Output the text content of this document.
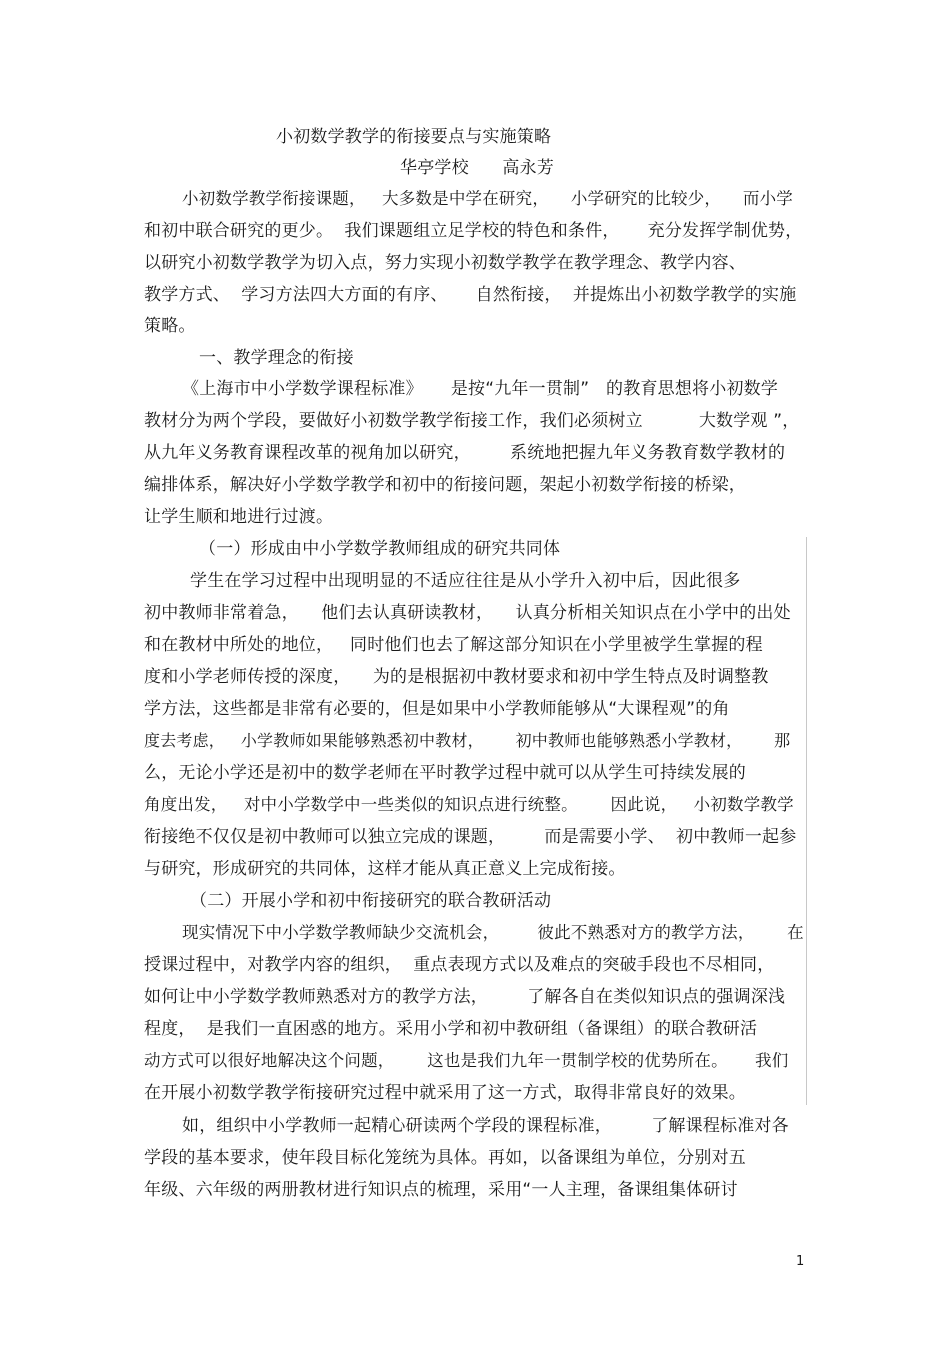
小初数学教学的衔接要点与实施策略
华亭学校      高永芳
小初数学教学衔接课题，   大多数是中学在研究，    小学研究的比较少，    而小学
和初中联合研究的更少。  我们课题组立足学校的特色和条件，     充分发挥学制优势，
以研究小初数学教学为切入点，努力实现小初数学教学在教学理念、教学内容、
教学方式、  学习方法四大方面的有序、     自然衔接，  并提炼出小初数学教学的实施
策略。
一、教学理念的衔接
《上海市中小学数学课程标准》     是按“九年一贯制”   的教育思想将小初数学
教材分为两个学段，要做好小初数学教学衔接工作，我们必须树立          大数学观 ”，
从九年义务教育课程改革的视角加以研究，       系统地把握九年义务教育数学教材的
编排体系，解决好小学数学教学和初中的衔接问题，架起小初数学衔接的桥梁，
让学生顺和地进行过渡。
（一）形成由中小学数学教师组成的研究共同体
学生在学习过程中出现明显的不适应往往是从小学升入初中后，因此很多
初中教师非常着急，    他们去认真研读教材，    认真分析相关知识点在小学中的出处
和在教材中所处的地位，   同时他们也去了解这部分知识在小学里被学生掌握的程
度和小学老师传授的深度，    为的是根据初中教材要求和初中学生特点及时调整教
学方法，这些都是非常有必要的，但是如果中小学教师能够从“大课程观”的角
度去考虑，   小学教师如果能够熟悉初中教材，      初中教师也能够熟悉小学教材，      那
么，无论小学还是初中的数学老师在平时教学过程中就可以从学生可持续发展的
角度出发，   对中小学数学中一些类似的知识点进行统整。      因此说，   小初数学教学
衔接绝不仅仅是初中教师可以独立完成的课题，       而是需要小学、  初中教师一起参
与研究，形成研究的共同体，这样才能从真正意义上完成衔接。
（二）开展小学和初中衔接研究的联合教研活动
现实情况下中小学数学教师缺少交流机会，       彼此不熟悉对方的教学方法，      在
授课过程中，对教学内容的组织，  重点表现方式以及难点的突破手段也不尽相同，
如何让中小学数学教师熟悉对方的教学方法，       了解各自在类似知识点的强调深浅
程度，  是我们一直困惑的地方。采用小学和初中教研组（备课组）的联合教研活
动方式可以很好地解决这个问题，      这也是我们九年一贯制学校的优势所在。     我们
在开展小初数学教学衔接研究过程中就采用了这一方式，取得非常良好的效果。
如，组织中小学教师一起精心研读两个学段的课程标准，       了解课程标准对各
学段的基本要求，使年段目标化笼统为具体。再如，以备课组为单位，分别对五
年级、六年级的两册教材进行知识点的梳理，采用“一人主理，备课组集体研讨
1
